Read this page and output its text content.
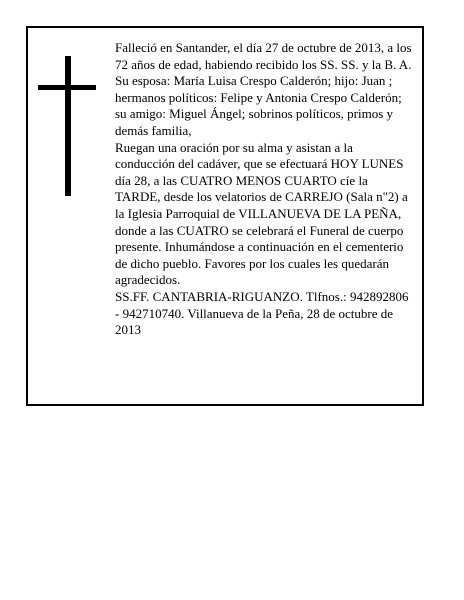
Falleció en Santander, el día 27 de octubre de 2013, a los 72 años de edad, habiendo recibido los SS. SS. y la B. A.

Su esposa: María Luisa Crespo Calderón; hijo: Juan ; hermanos políticos: Felipe y Antonia Crespo Calderón; su amigo: Miguel Ángel; sobrinos políticos, primos y demás familia,

Ruegan una oración por su alma y asistan a la conducción del cadáver, que se efectuará HOY LUNES día 28, a las CUATRO MENOS CUARTO cíe la TARDE, desde los velatorios de CARREJO (Sala n"2) a la Iglesia Parroquial de VILLANUEVA DE LA PEÑA, donde a las CUATRO se celebrará el Funeral de cuerpo presente. Inhumándose a continuación en el cementerio de dicho pueblo. Favores por los cuales les quedarán agradecidos.

SS.FF. CANTABRIA-RIGUANZO. Tlfnos.: 942892806 - 942710740. Villanueva de la Peña, 28 de octubre de 2013
